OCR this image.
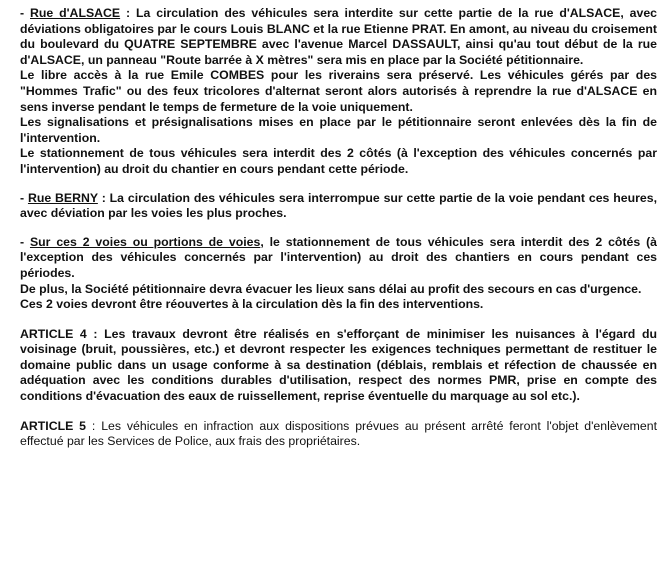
- Rue d'ALSACE : La circulation des véhicules sera interdite sur cette partie de la rue d'ALSACE, avec déviations obligatoires par le cours Louis BLANC et la rue Etienne PRAT. En amont, au niveau du croisement du boulevard du QUATRE SEPTEMBRE avec l'avenue Marcel DASSAULT, ainsi qu'au tout début de la rue d'ALSACE, un panneau "Route barrée à X mètres" sera mis en place par la Société pétitionnaire.

Le libre accès à la rue Emile COMBES pour les riverains sera préservé. Les véhicules gérés par des "Hommes Trafic" ou des feux tricolores d'alternat seront alors autorisés à reprendre la rue d'ALSACE en sens inverse pendant le temps de fermeture de la voie uniquement.

Les signalisations et présignalisations mises en place par le pétitionnaire seront enlevées dès la fin de l'intervention.

Le stationnement de tous véhicules sera interdit des 2 côtés (à l'exception des véhicules concernés par l'intervention) au droit du chantier en cours pendant cette période.

- Rue BERNY : La circulation des véhicules sera interrompue sur cette partie de la voie pendant ces heures, avec déviation par les voies les plus proches.

- Sur ces 2 voies ou portions de voies, le stationnement de tous véhicules sera interdit des 2 côtés (à l'exception des véhicules concernés par l'intervention) au droit des chantiers en cours pendant ces périodes.

De plus, la Société pétitionnaire devra évacuer les lieux sans délai au profit des secours en cas d'urgence.

Ces 2 voies devront être réouvertes à la circulation dès la fin des interventions.

ARTICLE 4 : Les travaux devront être réalisés en s'efforçant de minimiser les nuisances à l'égard du voisinage (bruit, poussières, etc.) et devront respecter les exigences techniques permettant de restituer le domaine public dans un usage conforme à sa destination (déblais, remblais et réfection de chaussée en adéquation avec les conditions durables d'utilisation, respect des normes PMR, prise en compte des conditions d'évacuation des eaux de ruissellement, reprise éventuelle du marquage au sol etc.).

ARTICLE 5 : Les véhicules en infraction aux dispositions prévues au présent arrêté feront l'objet d'enlèvement effectué par les Services de Police, aux frais des propriétaires.
